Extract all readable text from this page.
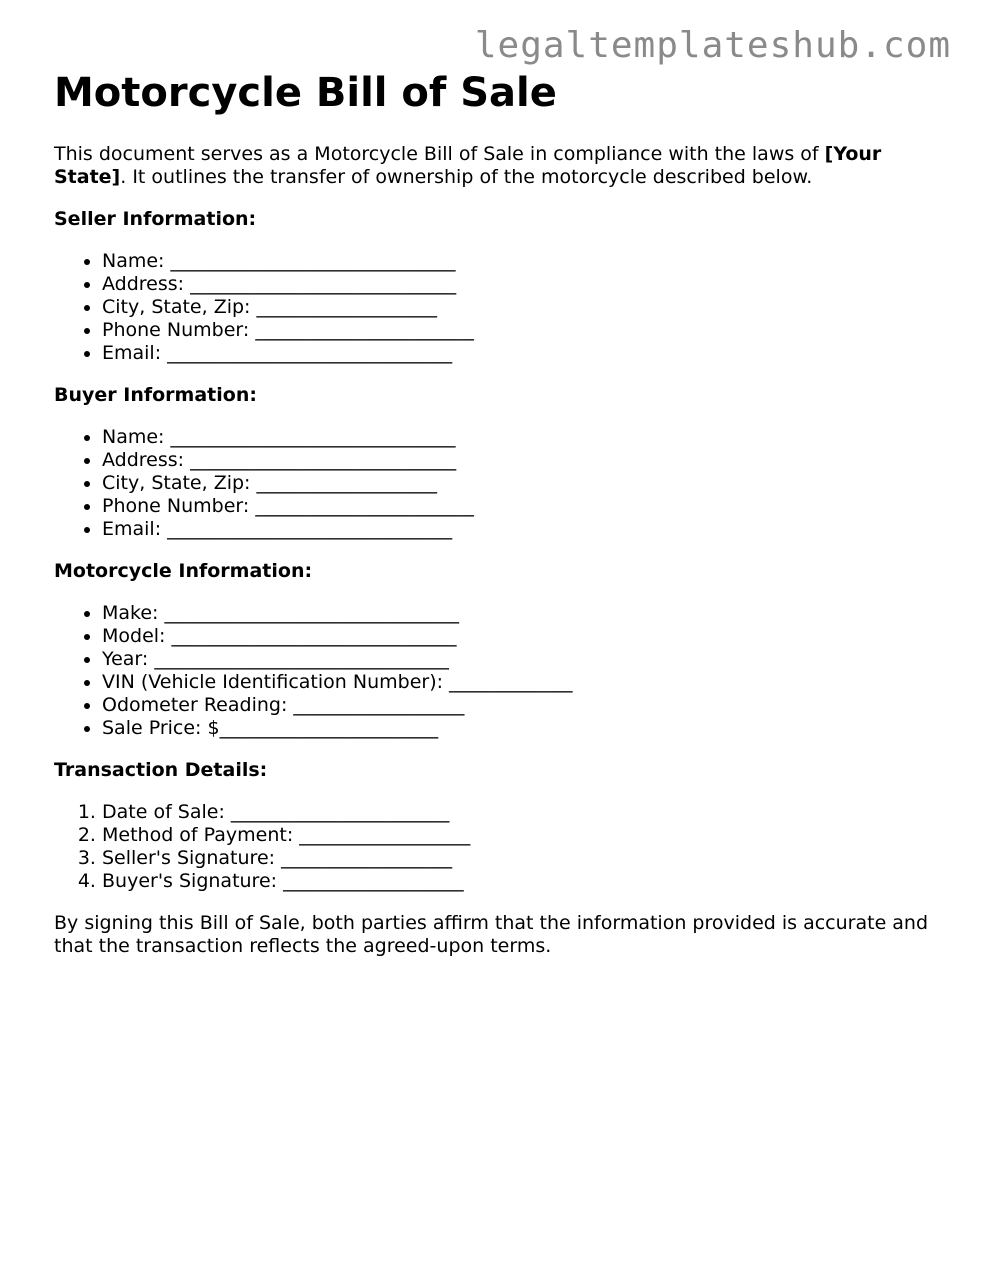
legaltemplateshub.com
Motorcycle Bill of Sale

This document serves as a Motorcycle Bill of Sale in compliance with the laws of [Your State]. It outlines the transfer of ownership of the motorcycle described below.

Seller Information:

• Name: ______________________________
• Address: ____________________________
• City, State, Zip: ___________________
• Phone Number: _______________________
• Email: ______________________________

Buyer Information:

• Name: ______________________________
• Address: ____________________________
• City, State, Zip: ___________________
• Phone Number: _______________________
• Email: ______________________________

Motorcycle Information:

• Make: _______________________________
• Model: ______________________________
• Year: _______________________________
• VIN (Vehicle Identification Number): _____________
• Odometer Reading: __________________
• Sale Price: $_______________________

Transaction Details:

1. Date of Sale: _______________________
2. Method of Payment: __________________
3. Seller's Signature: __________________
4. Buyer's Signature: ___________________

By signing this Bill of Sale, both parties affirm that the information provided is accurate and that the transaction reflects the agreed-upon terms.
